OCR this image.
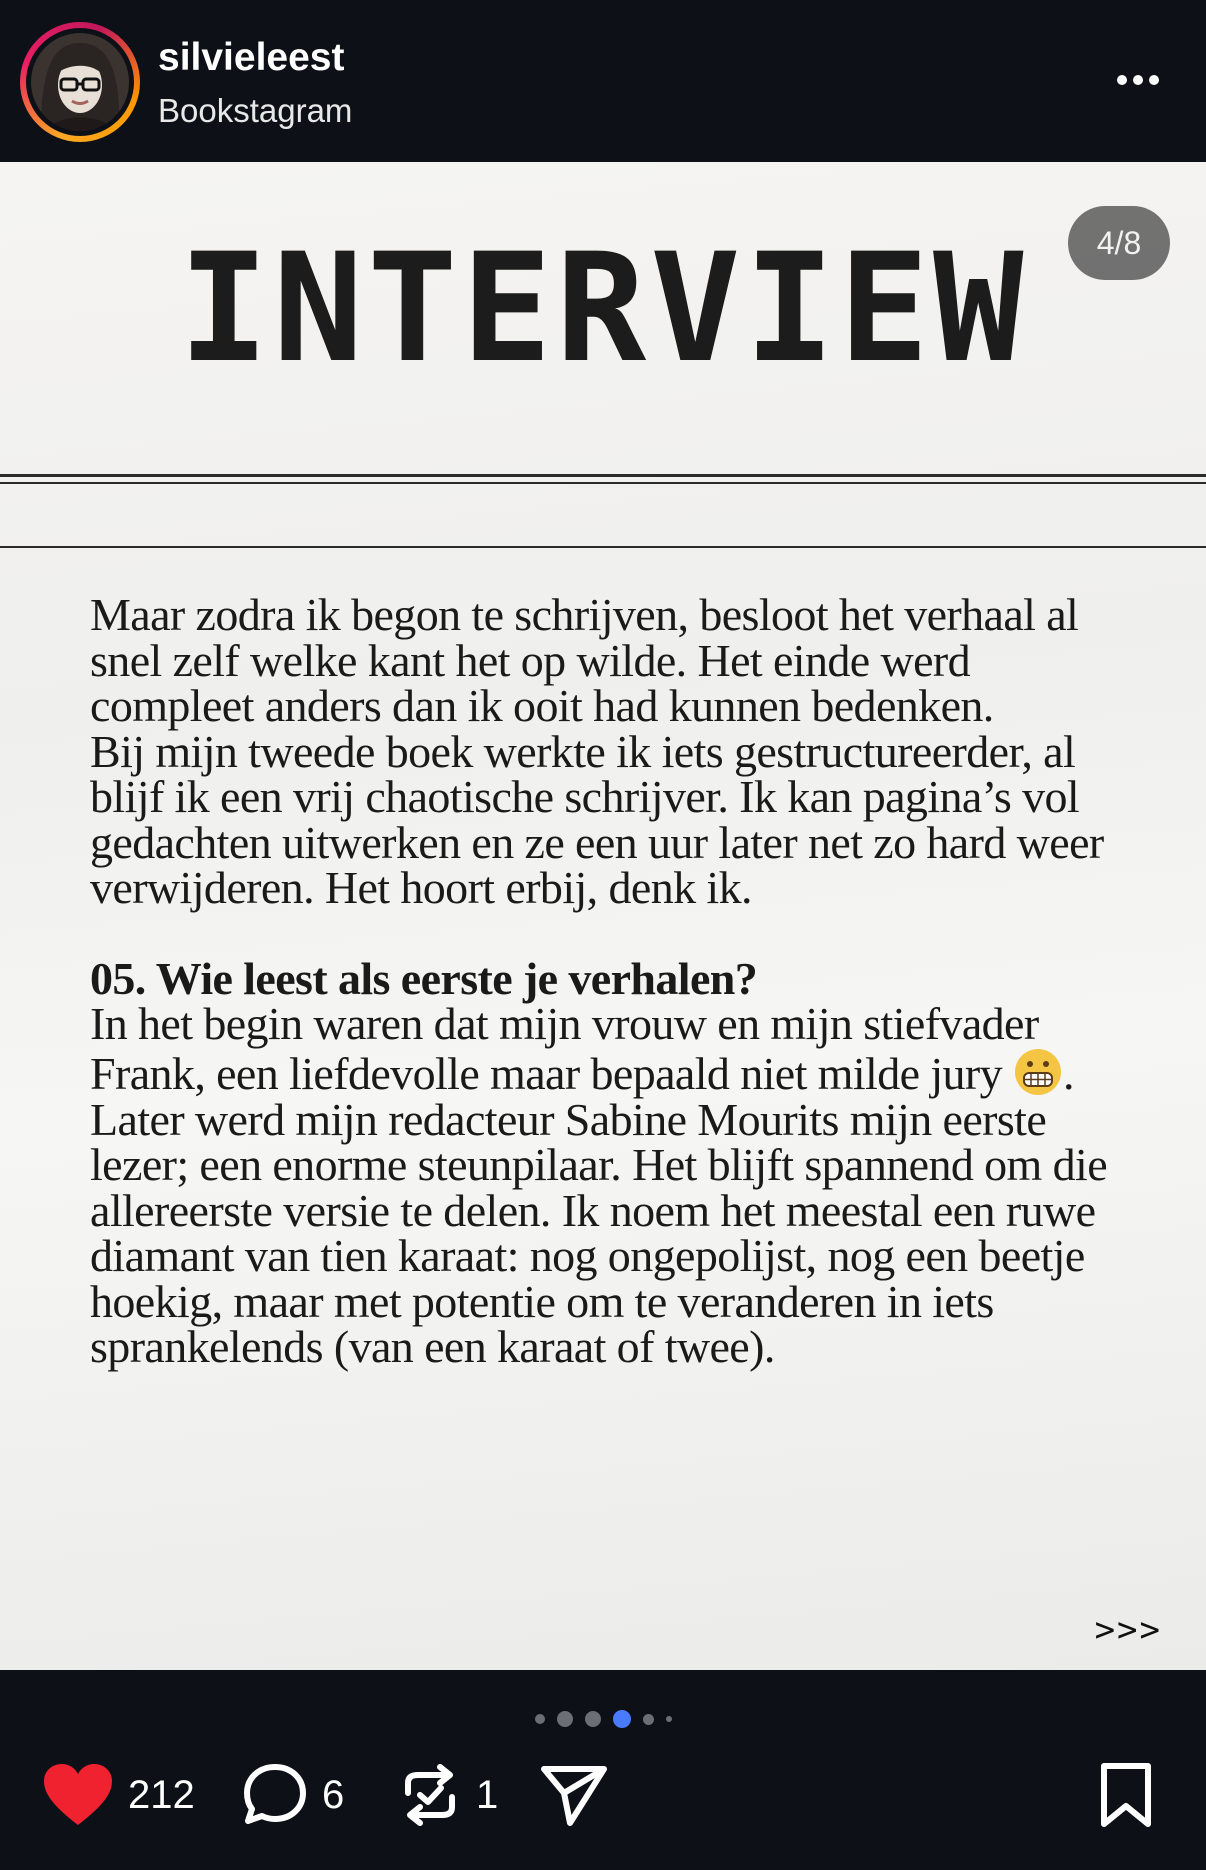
silvieleest
Bookstagram
4/8
INTERVIEW

Maar zodra ik begon te schrijven, besloot het verhaal al snel zelf welke kant het op wilde. Het einde werd compleet anders dan ik ooit had kunnen bedenken.

Bij mijn tweede boek werkte ik iets gestructureerder, al blijf ik een vrij chaotische schrijver. Ik kan pagina’s vol gedachten uitwerken en ze een uur later net zo hard weer verwijderen. Het hoort erbij, denk ik.

05. Wie leest als eerste je verhalen?

In het begin waren dat mijn vrouw en mijn stiefvader Frank, een liefdevolle maar bepaald niet milde jury . Later werd mijn redacteur Sabine Mourits mijn eerste lezer; een enorme steunpilaar. Het blijft spannend om die allereerste versie te delen. Ik noem het meestal een ruwe diamant van tien karaat: nog ongepolijst, nog een beetje hoekig, maar met potentie om te veranderen in iets sprankelends (van een karaat of twee).

>>>
212	6	1
